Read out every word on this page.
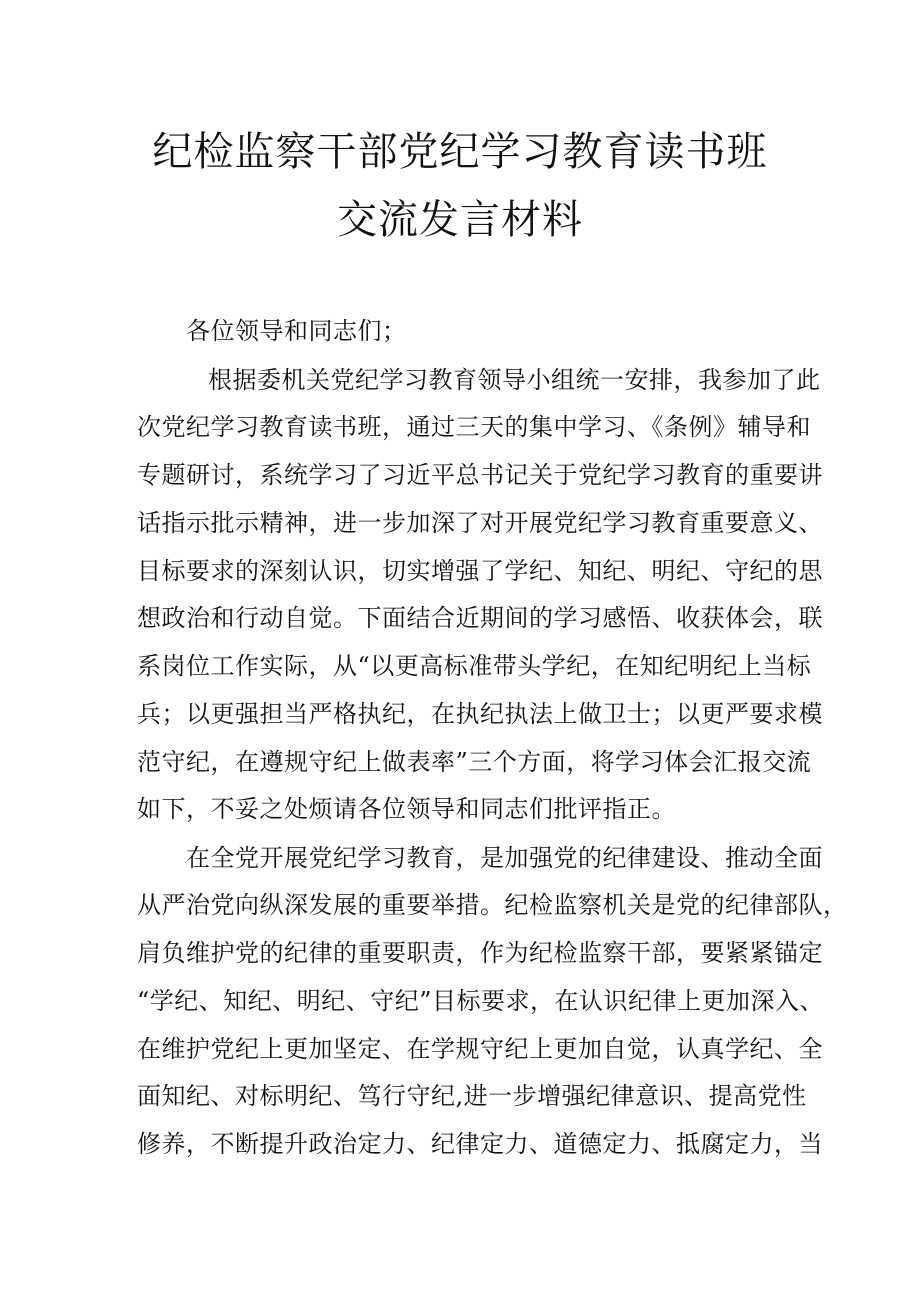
纪检监察干部党纪学习教育读书班
交流发言材料
各位领导和同志们；
根据委机关党纪学习教育领导小组统一安排，我参加了此
次党纪学习教育读书班，通过三天的集中学习、《条例》辅导和
专题研讨，系统学习了习近平总书记关于党纪学习教育的重要讲
话指示批示精神，进一步加深了对开展党纪学习教育重要意义、
目标要求的深刻认识，切实增强了学纪、知纪、明纪、守纪的思
想政治和行动自觉。下面结合近期间的学习感悟、收获体会，联
系岗位工作实际，从“以更高标准带头学纪，在知纪明纪上当标
兵；以更强担当严格执纪，在执纪执法上做卫士；以更严要求模
范守纪，在遵规守纪上做表率”三个方面，将学习体会汇报交流
如下，不妥之处烦请各位领导和同志们批评指正。
在全党开展党纪学习教育，是加强党的纪律建设、推动全面
从严治党向纵深发展的重要举措。纪检监察机关是党的纪律部队，
肩负维护党的纪律的重要职责，作为纪检监察干部，要紧紧锚定
“学纪、知纪、明纪、守纪”目标要求，在认识纪律上更加深入、
在维护党纪上更加坚定、在学规守纪上更加自觉，认真学纪、全
面知纪、对标明纪、笃行守纪,进一步增强纪律意识、提高党性
修养，不断提升政治定力、纪律定力、道德定力、抵腐定力，当
